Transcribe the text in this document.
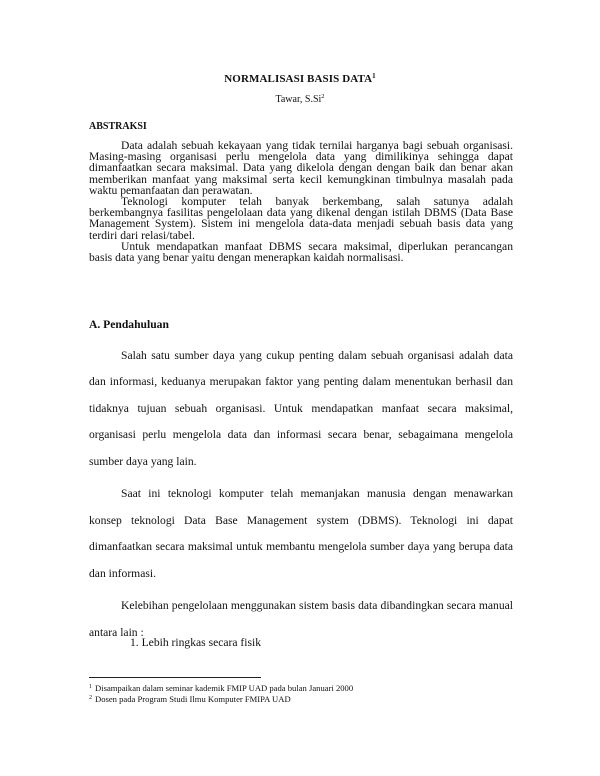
NORMALISASI BASIS DATA$^1$
Tawar, S.Si$^2$
ABSTRAKSI

Data adalah sebuah kekayaan yang tidak ternilai harganya bagi sebuah organisasi. Masing-masing organisasi perlu mengelola data yang dimilikinya sehingga dapat dimanfaatkan secara maksimal. Data yang dikelola dengan dengan baik dan benar akan memberikan manfaat yang maksimal serta kecil kemungkinan timbulnya masalah pada waktu pemanfaatan dan perawatan.

Teknologi komputer telah banyak berkembang, salah satunya adalah berkembangnya fasilitas pengelolaan data yang dikenal dengan istilah DBMS (Data Base Management System). Sistem ini mengelola data-data menjadi sebuah basis data yang terdiri dari relasi/tabel.

Untuk mendapatkan manfaat DBMS secara maksimal, diperlukan perancangan basis data yang benar yaitu dengan menerapkan kaidah normalisasi.

A. Pendahuluan

Salah satu sumber daya yang cukup penting dalam sebuah organisasi adalah data dan informasi, keduanya merupakan faktor yang penting dalam menentukan berhasil dan tidaknya tujuan sebuah organisasi. Untuk mendapatkan manfaat secara maksimal, organisasi perlu mengelola data dan informasi secara benar, sebagaimana mengelola sumber daya yang lain.

Saat ini teknologi komputer telah memanjakan manusia dengan menawarkan konsep teknologi Data Base Management system (DBMS). Teknologi ini dapat dimanfaatkan secara maksimal untuk membantu mengelola sumber daya yang berupa data dan informasi.

Kelebihan pengelolaan menggunakan sistem basis data dibandingkan secara manual antara lain :

1. Lebih ringkas secara fisik
$^1$ Disampaikan dalam seminar kademik FMIP UAD pada bulan Januari 2000
$^2$ Dosen pada Program Studi Ilmu Komputer FMIPA UAD
